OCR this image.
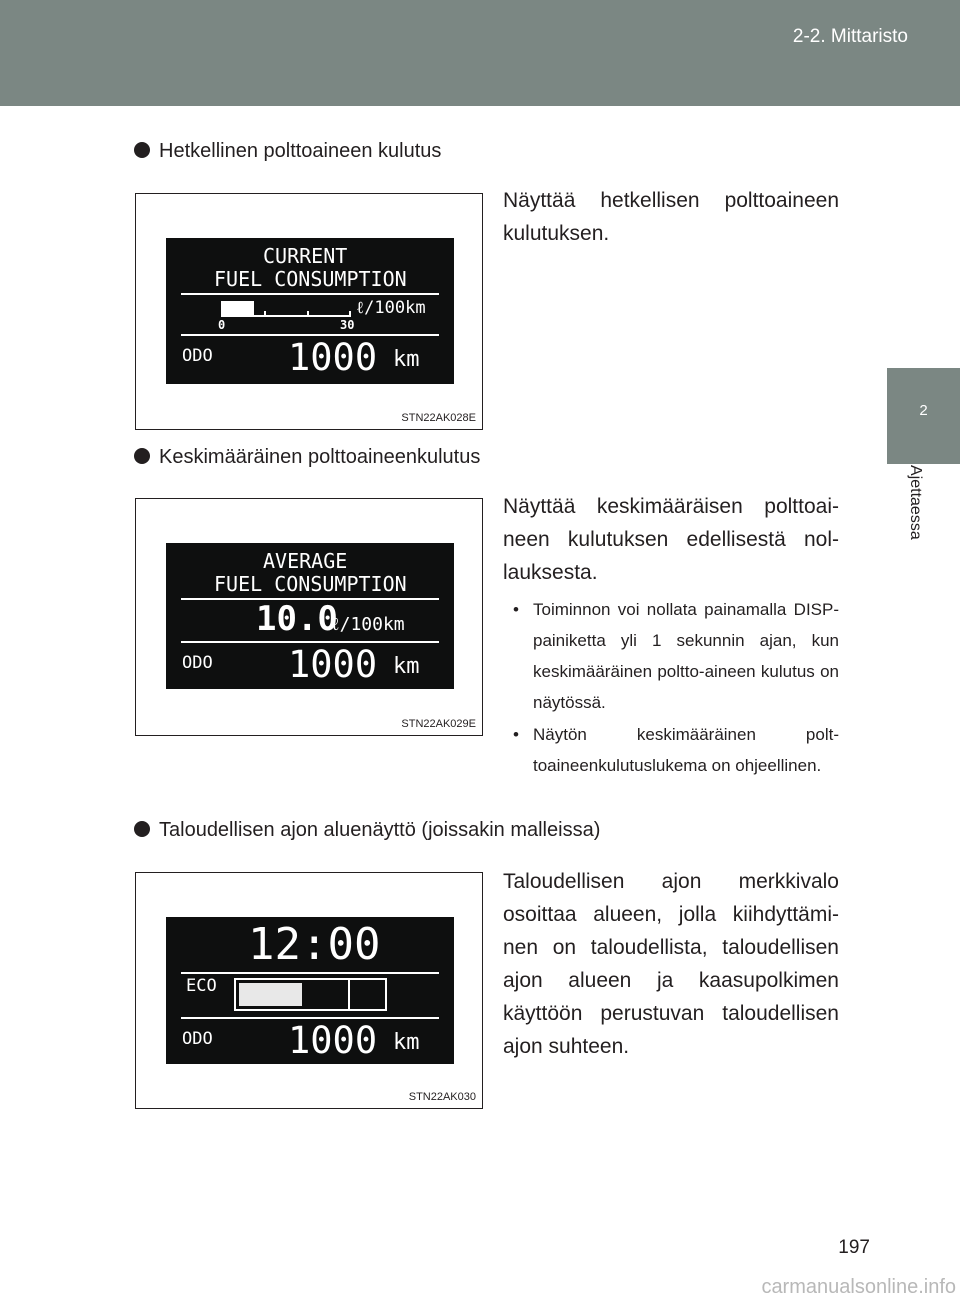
2-2. Mittaristo
2
Ajettaessa
Hetkellinen polttoaineen kulutus
CURRENT
FUEL CONSUMPTION
ℓ/100km
0	30
ODO 1000 km
STN22AK028E
Näyttää hetkellisen polttoaineen kulutuksen.
Keskimääräinen polttoaineenkulutus
AVERAGE
FUEL CONSUMPTION
10.0
ℓ/100km
ODO 1000 km
STN22AK029E
Näyttää keskimääräisen polttoai-neen kulutuksen edellisestä nol-lauksesta.
• Toiminnon voi nollata painamalla DISP-painiketta yli 1 sekunnin ajan, kun keskimääräinen poltto-aineen kulutus on näytössä.
• Näytön keskimääräinen polt-toaineenkulutuslukema on ohjeellinen.
Taloudellisen ajon aluenäyttö (joissakin malleissa)
12:00
ECO
ODO 1000 km
STN22AK030
Taloudellisen ajon merkkivalo osoittaa alueen, jolla kiihdyttämi-nen on taloudellista, taloudellisen ajon alueen ja kaasupolkimen käyttöön perustuvan taloudellisen ajon suhteen.
197
carmanualsonline.info
